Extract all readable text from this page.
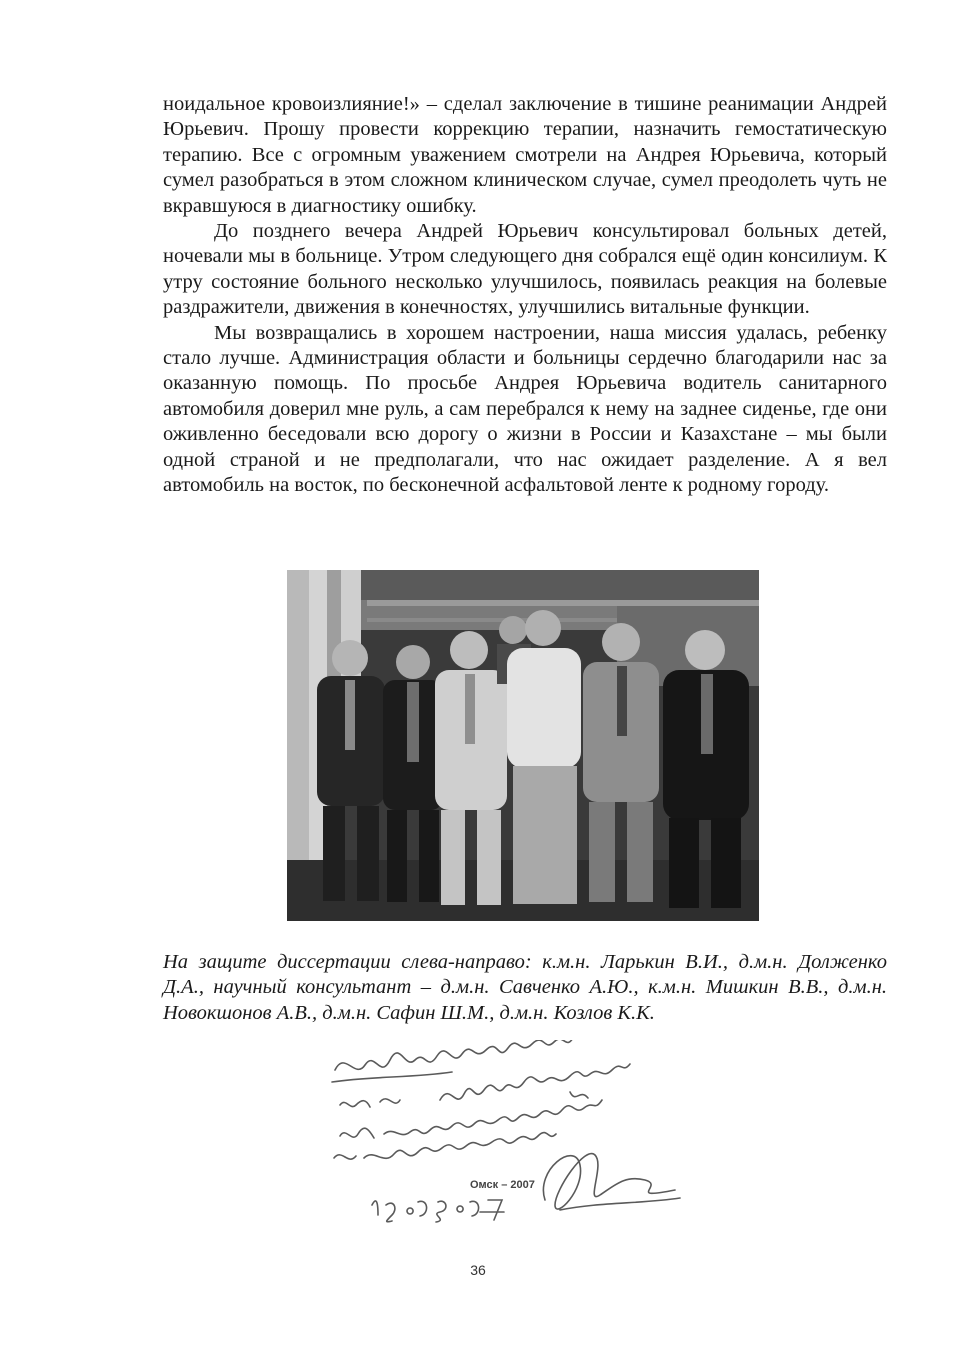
ноидальное кровоизлияние!» – сделал заключение в тишине реанимации Андрей Юрьевич. Прошу провести коррекцию терапии, назначить гемостатическую терапию. Все с огромным уважением смотрели на Андрея Юрьевича, который сумел разобраться в этом сложном клиническом случае, сумел преодолеть чуть не вкравшуюся в диагностику ошибку.

До позднего вечера Андрей Юрьевич консультировал больных детей, ночевали мы в больнице. Утром следующего дня собрался ещё один консилиум. К утру состояние больного несколько улучшилось, появилась реакция на болевые раздражители, движения в конечностях, улучшились витальные функции.

Мы возвращались в хорошем настроении, наша миссия удалась, ребенку стало лучше. Администрация области и больницы сердечно благодарили нас за оказанную помощь. По просьбе Андрея Юрьевича водитель санитарного автомобиля доверил мне руль, а сам перебрался к нему на заднее сиденье, где они оживленно беседовали всю дорогу о жизни в России и Казахстане – мы были одной страной и не предполагали, что нас ожидает разделение. А я вел автомобиль на восток, по бесконечной асфальтовой ленте к родному городу.

На защите диссертации слева-направо: к.м.н. Ларькин В.И., д.м.н. Долженко Д.А., научный консультант – д.м.н. Савченко А.Ю., к.м.н. Мишкин В.В., д.м.н. Новокшонов А.В., д.м.н. Сафин Ш.М., д.м.н. Козлов К.К.
Омск – 2007
36
